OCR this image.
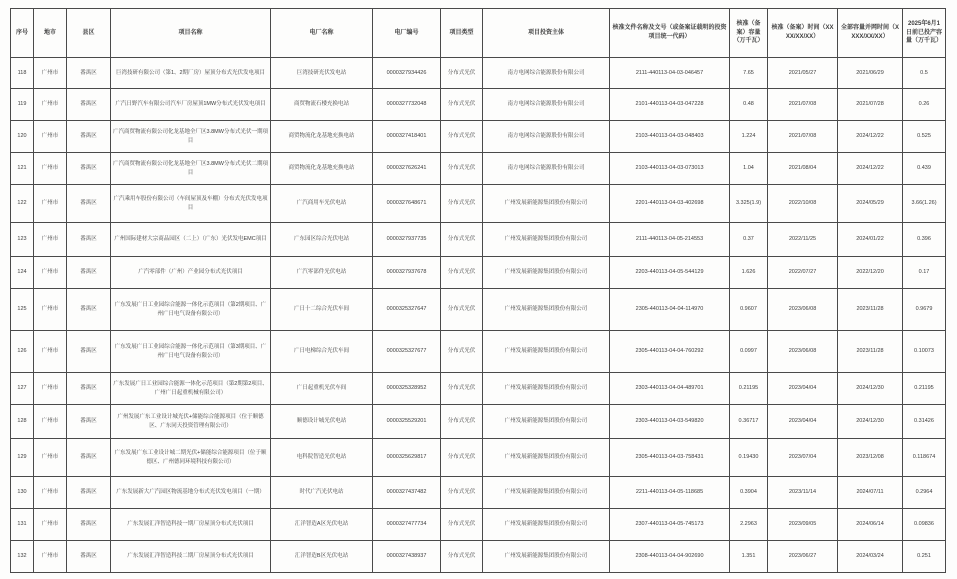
序号	地市	县区	项目名称	电厂名称	电厂编号	项目类型	项目投资主体	核准文件名称及文号（或备案证载明的投资项目统一代码）	核准（备案）容量（万千瓦）	核准（备案）时间（XXXX/XX/XX）	全部容量并网时间（XXXX/XX/XX）	2025年6月1日前已投产容量（万千瓦）
118	广州市	番禺区	巨湾技研有限公司（第1、2期厂房）屋顶分布式光伏发电项目	巨湾技研光伏发电站	0000327934426	分布式光伏	南方电网综合能源股份有限公司	2111-440113-04-03-046457	7.65	2021/05/27	2021/06/29	0.5
119	广州市	番禺区	广汽日野汽车有限公司汽车厂房屋顶1MW分布式光伏发电项目	商贸物流石楼充换电站	0000327732048	分布式光伏	南方电网综合能源股份有限公司	2101-440113-04-03-047228	0.48	2021/07/08	2021/07/28	0.26
120	广州市	番禺区	广汽商贸物流有限公司化龙基地全厂区3.8MW分布式光伏一期项目	商贸物流化龙基地充换电站	0000327418401	分布式光伏	南方电网综合能源股份有限公司	2103-440113-04-03-048403	1.224	2021/07/08	2024/12/22	0.525
121	广州市	番禺区	广汽商贸物流有限公司化龙基地全厂区3.8MW分布式光伏二期项目	商贸物流化龙基地充换电站	0000327626241	分布式光伏	南方电网综合能源股份有限公司	2103-440113-04-03-073013	1.04	2021/08/04	2024/12/22	0.439
122	广州市	番禺区	广汽乘用车股份有限公司（车间屋顶及车棚）分布式光伏发电项目	广汽商用车光伏电站	0000327648671	分布式光伏	广州发展新能源集团股份有限公司	2201-440113-04-03-402698	3.325(1.9)	2022/10/08	2024/05/29	3.66(1.26)
123	广州市	番禺区	广州国际建材大宗商品园区（二上）（广东）光伏发电EMC项目	广东园区综合光伏电站	0000327937735	分布式光伏	广州发展新能源集团股份有限公司	2111-440113-04-05-214553	0.37	2022/11/25	2024/01/22	0.396
124	广州市	番禺区	广汽零部件（广州）产业园分布式光伏项目	广汽零部件光伏电站	0000327937678	分布式光伏	广州发展新能源集团股份有限公司	2203-440113-04-05-544129	1.626	2022/07/27	2022/12/20	0.17
125	广州市	番禺区	广东发展广日工业园综合能源一体化示范项目（第2期项目、广州广日电气设备有限公司）	广日十二综合光伏车间	0000325327647	分布式光伏	广州发展新能源集团股份有限公司	2305-440113-04-04-114970	0.9607	2023/06/08	2023/11/28	0.9679
126	广州市	番禺区	广东发展广日工业园综合能源一体化示范项目（第3期项目、广州广日电气设备有限公司）	广日电梯综合光伏车间	0000325327677	分布式光伏	广州发展新能源集团股份有限公司	2305-440113-04-04-760292	0.0997	2023/06/08	2023/11/28	0.10073
127	广州市	番禺区	广东发展广日工业园综合能源一体化示范项目（第2期第2项目、广州广日起重机械有限公司）	广日起重机光伏车间	0000325328952	分布式光伏	广州发展新能源集团股份有限公司	2303-440113-04-04-489701	0.21195	2023/04/04	2024/12/30	0.21195
128	广州市	番禺区	广州发展广东工业设计城光伏+储能综合能源项目（位于顺德区、广东同天投资管理有限公司）	顺德设计城光伏电站	0000325529201	分布式光伏	广州发展新能源集团股份有限公司	2303-440113-04-03-549820	0.36717	2023/04/04	2024/12/30	0.31426
129	广州市	番禺区	广东发展广东工业设计城二期光伏+储能综合能源项目（位于顺德区、广州德同环境科技有限公司）	电科院智造光伏电站	0000325629817	分布式光伏	广州发展新能源集团股份有限公司	2305-440113-04-03-758431	0.19430	2023/07/04	2023/12/08	0.118674
130	广州市	番禺区	广东发展新大广汽园区物流基地分布式光伏发电项目（一期）	时代广汽光伏电站	0000327437482	分布式光伏	广州发展新能源集团股份有限公司	2211-440113-04-05-118685	0.3904	2023/11/14	2024/07/11	0.2964
131	广州市	番禺区	广东发展汇洋智造科技一期厂房屋顶分布式光伏项目	汇洋智造A区光伏电站	0000327477734	分布式光伏	广州发展新能源集团股份有限公司	2307-440113-04-05-745173	2.2963	2023/09/05	2024/06/14	0.09836
132	广州市	番禺区	广东发展汇洋智造科技二期厂房屋顶分布式光伏项目	汇洋智造B区光伏电站	0000327438937	分布式光伏	广州发展新能源集团股份有限公司	2308-440113-04-04-902690	1.351	2023/06/27	2024/03/24	0.251
